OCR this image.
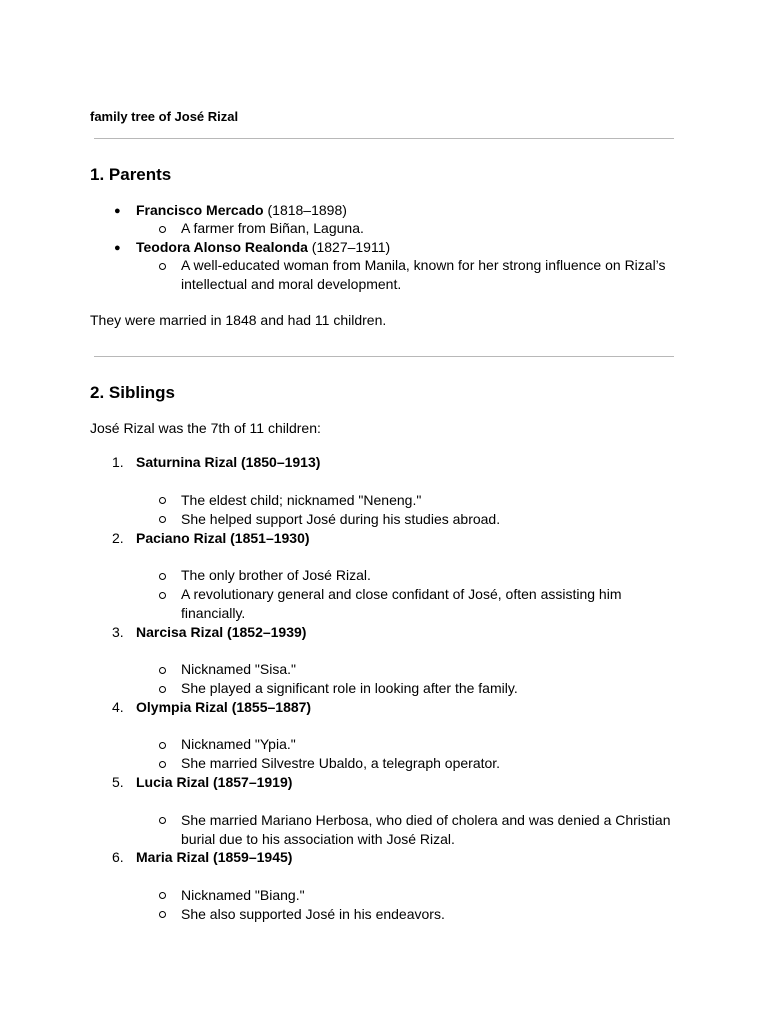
family tree of José Rizal
1. Parents
● Francisco Mercado (1818–1898)
A farmer from Biñan, Laguna.
● Teodora Alonso Realonda (1827–1911)
A well-educated woman from Manila, known for her strong influence on Rizal’s intellectual and moral development.
They were married in 1848 and had 11 children.
2. Siblings
José Rizal was the 7th of 11 children:
1. Saturnina Rizal (1850–1913)
The eldest child; nicknamed "Neneng."
She helped support José during his studies abroad.
2. Paciano Rizal (1851–1930)
The only brother of José Rizal.
A revolutionary general and close confidant of José, often assisting him financially.
3. Narcisa Rizal (1852–1939)
Nicknamed "Sisa."
She played a significant role in looking after the family.
4. Olympia Rizal (1855–1887)
Nicknamed "Ypia."
She married Silvestre Ubaldo, a telegraph operator.
5. Lucia Rizal (1857–1919)
She married Mariano Herbosa, who died of cholera and was denied a Christian burial due to his association with José Rizal.
6. Maria Rizal (1859–1945)
Nicknamed "Biang."
She also supported José in his endeavors.
